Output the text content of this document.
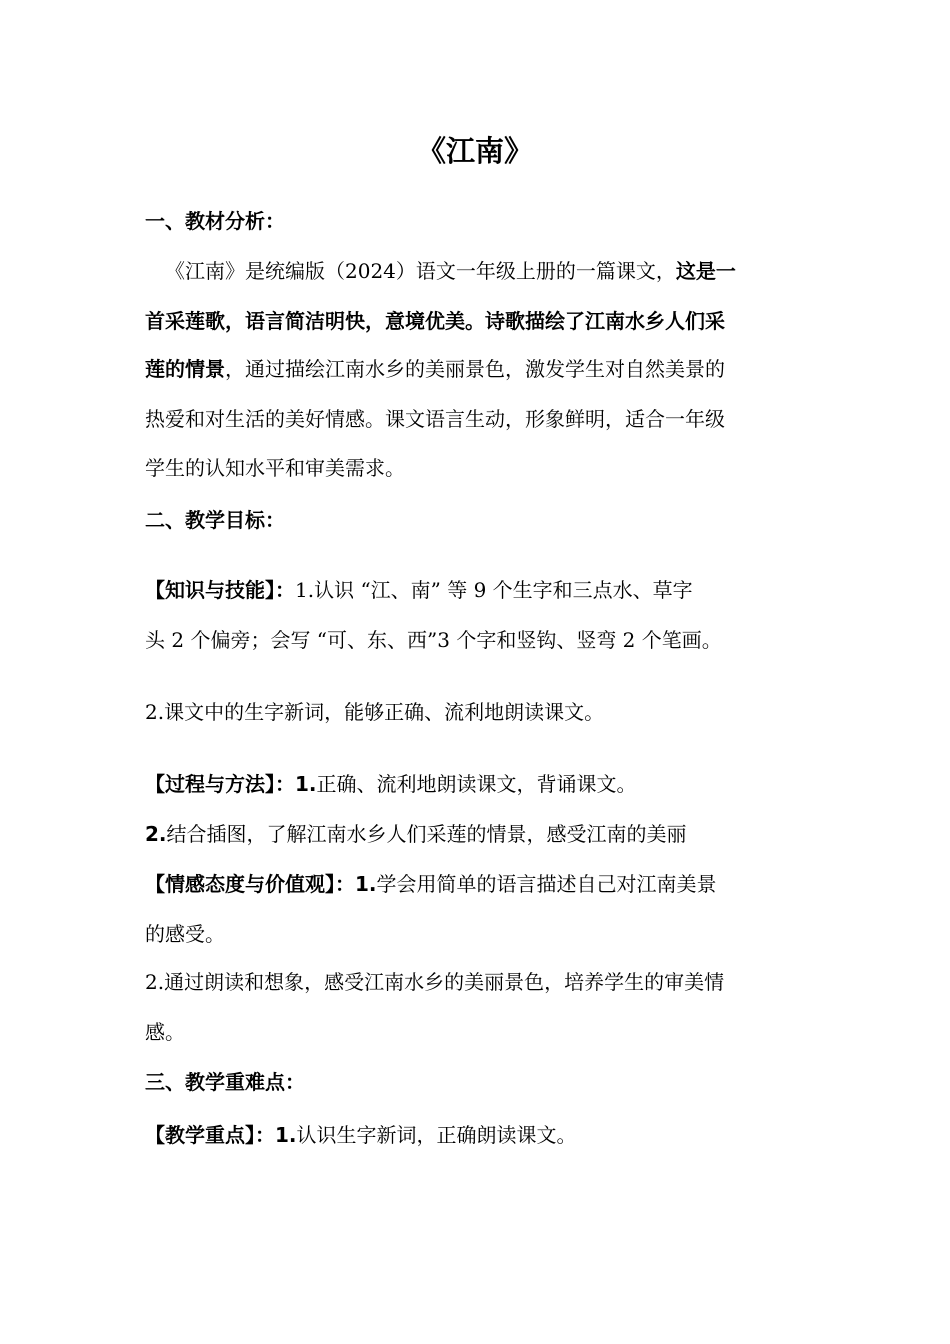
《江南》
一、教材分析：
《江南》是统编版（2024）语文一年级上册的一篇课文，这是一
首采莲歌，语言简洁明快，意境优美。诗歌描绘了江南水乡人们采
莲的情景，通过描绘江南水乡的美丽景色，激发学生对自然美景的
热爱和对生活的美好情感。课文语言生动，形象鲜明，适合一年级
学生的认知水平和审美需求。
二、教学目标：
【知识与技能】：1.认识 “江、南” 等 9 个生字和三点水、草字
头 2 个偏旁；会写 “可、东、西”3 个字和竖钩、竖弯 2 个笔画。
2.课文中的生字新词，能够正确、流利地朗读课文。
【过程与方法】：1.正确、流利地朗读课文，背诵课文。
2.结合插图，了解江南水乡人们采莲的情景，感受江南的美丽
【情感态度与价值观】：1.学会用简单的语言描述自己对江南美景
的感受。
2.通过朗读和想象，感受江南水乡的美丽景色，培养学生的审美情
感。
三、教学重难点：
【教学重点】：1.认识生字新词，正确朗读课文。
